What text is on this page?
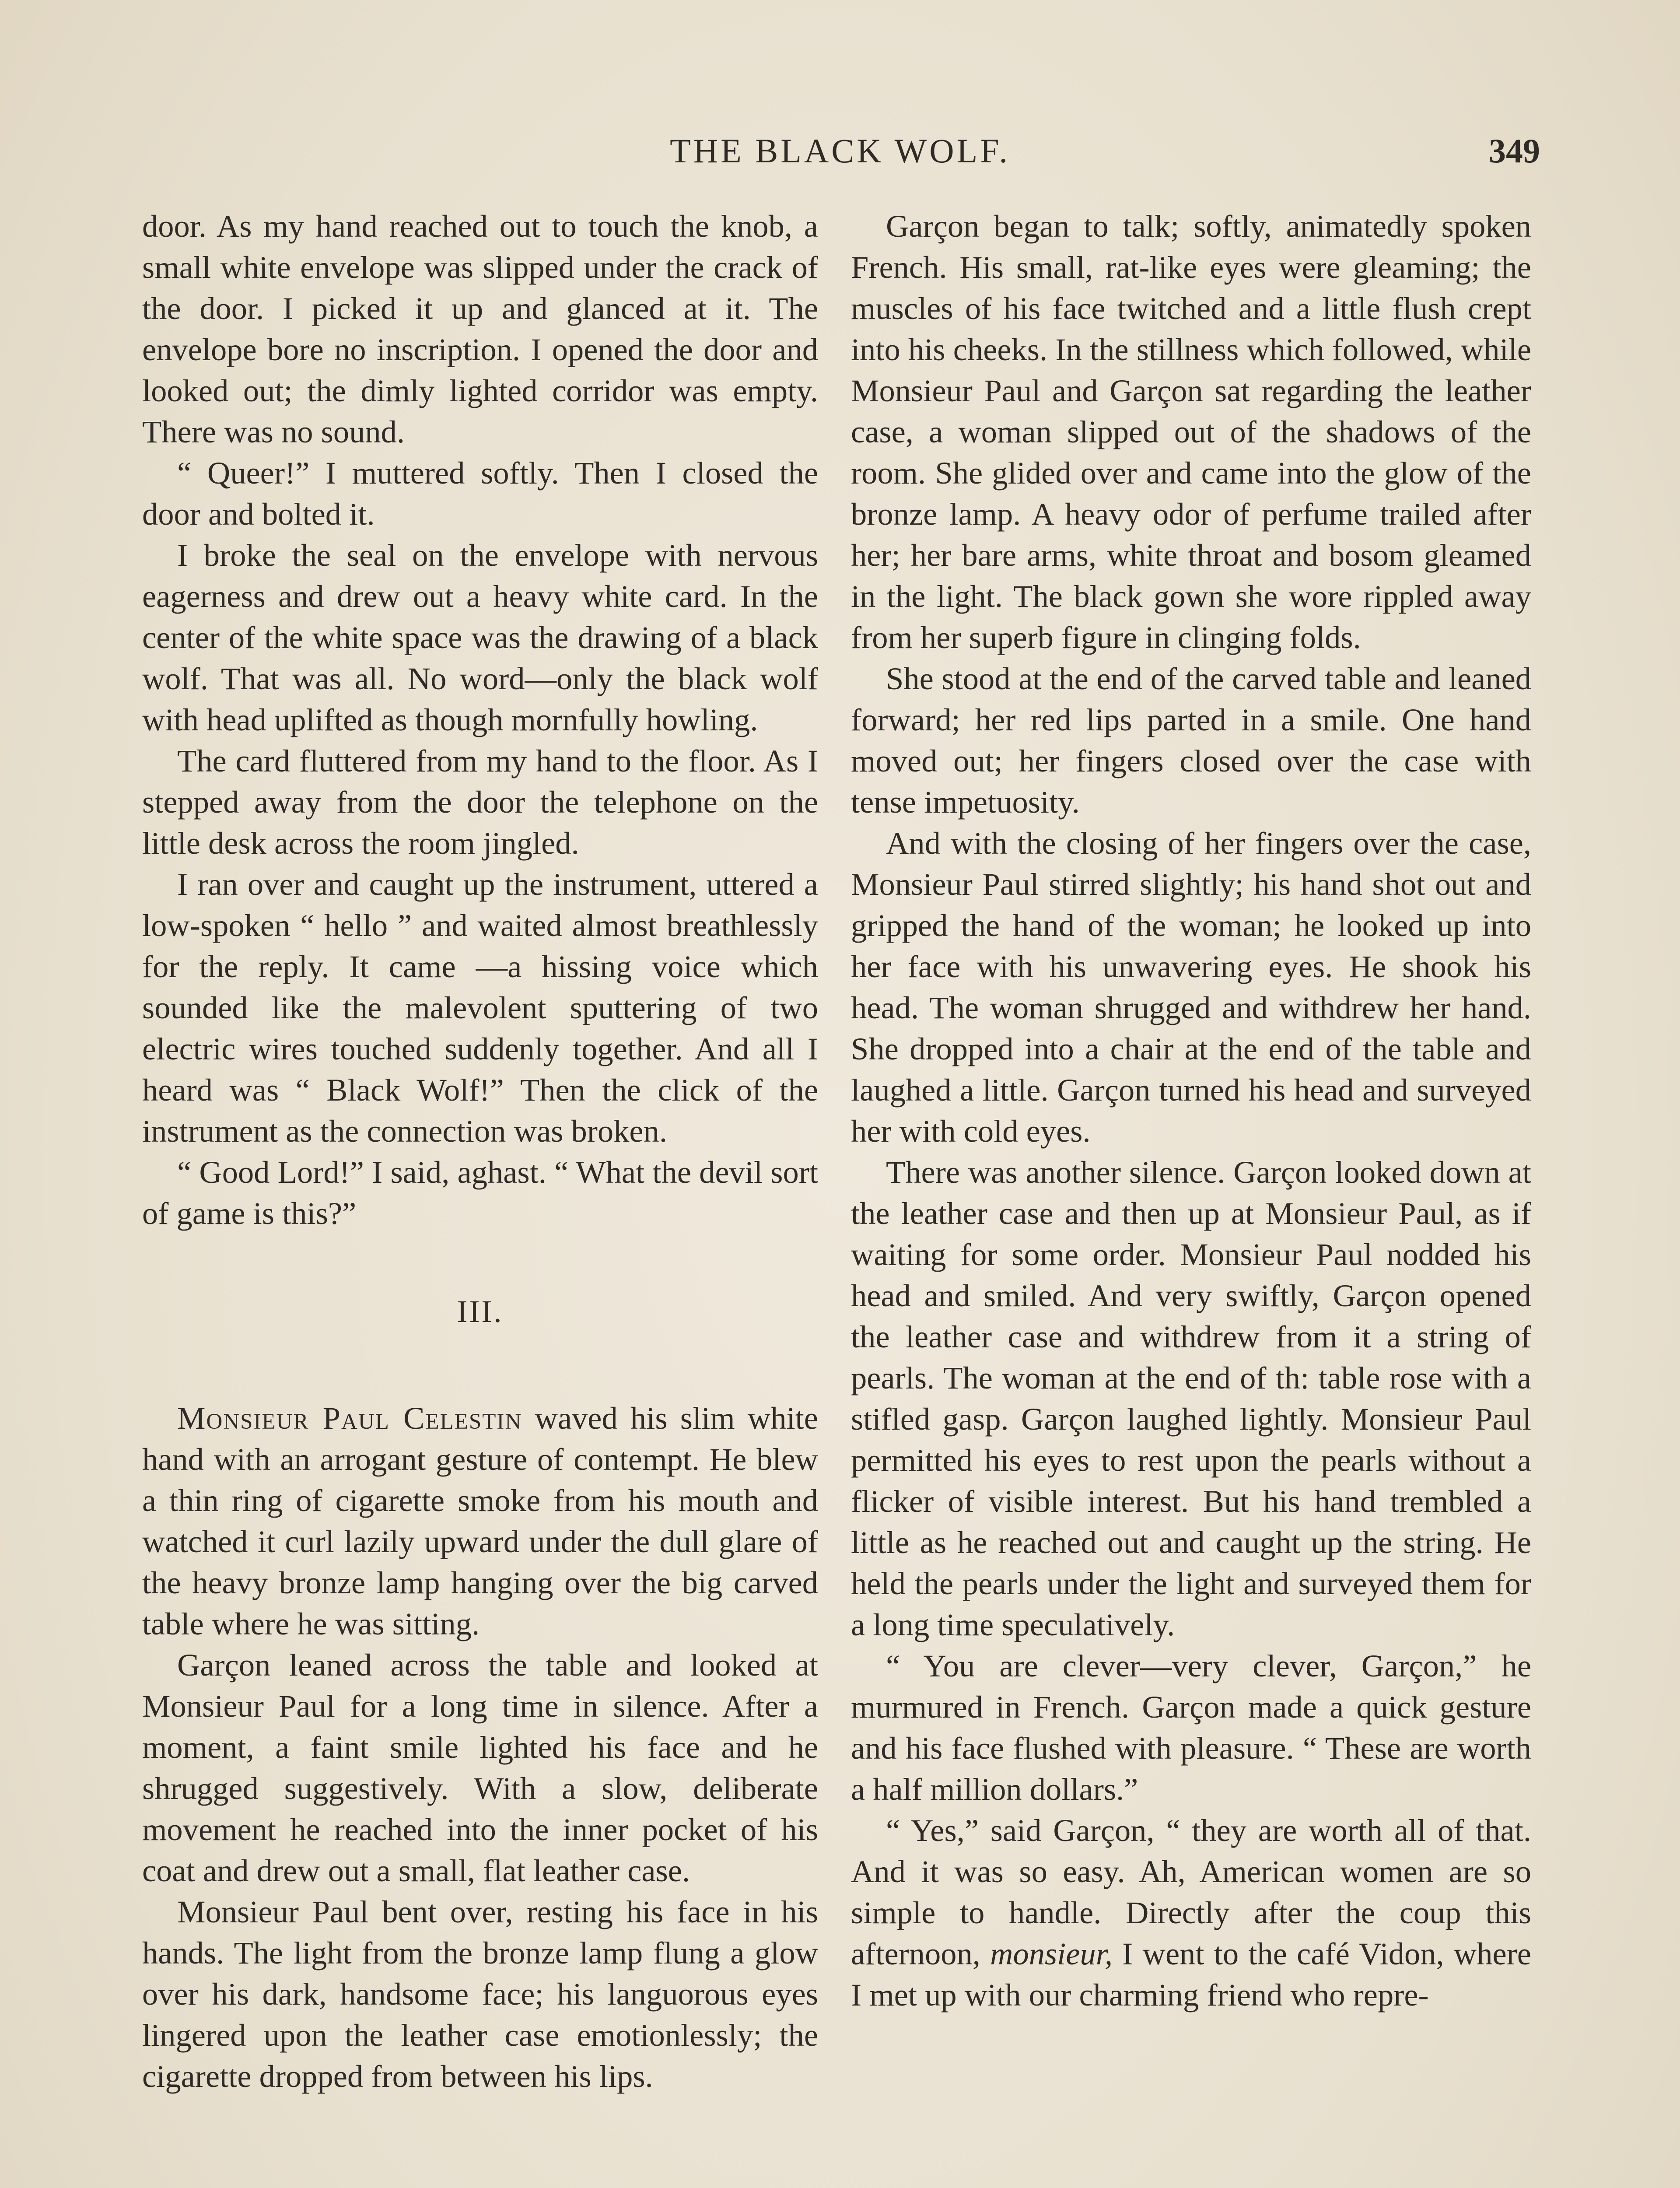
THE BLACK WOLF.	349

door. As my hand reached out to touch the knob, a small white envelope was slipped under the crack of the door. I picked it up and glanced at it. The envelope bore no inscription. I opened the door and looked out; the dimly lighted corridor was empty. There was no sound.

“ Queer!” I muttered softly. Then I closed the door and bolted it.

I broke the seal on the envelope with nervous eagerness and drew out a heavy white card. In the center of the white space was the drawing of a black wolf. That was all. No word—only the black wolf with head uplifted as though mornfully howling.

The card fluttered from my hand to the floor. As I stepped away from the door the telephone on the little desk across the room jingled.

I ran over and caught up the instrument, uttered a low-spoken “ hello ” and waited almost breathlessly for the reply. It came —a hissing voice which sounded like the malevolent sputtering of two electric wires touched suddenly together. And all I heard was “ Black Wolf!” Then the click of the instrument as the connection was broken.

“ Good Lord!” I said, aghast. “ What the devil sort of game is this?”

III.

Monsieur Paul Celestin waved his slim white hand with an arrogant gesture of contempt. He blew a thin ring of cigarette smoke from his mouth and watched it curl lazily upward under the dull glare of the heavy bronze lamp hanging over the big carved table where he was sitting.

Garçon leaned across the table and looked at Monsieur Paul for a long time in silence. After a moment, a faint smile lighted his face and he shrugged suggestively. With a slow, deliberate movement he reached into the inner pocket of his coat and drew out a small, flat leather case.

Monsieur Paul bent over, resting his face in his hands. The light from the bronze lamp flung a glow over his dark, handsome face; his languorous eyes lingered upon the leather case emotionlessly; the cigarette dropped from between his lips.

Garçon began to talk; softly, animatedly spoken French. His small, rat-like eyes were gleaming; the muscles of his face twitched and a little flush crept into his cheeks. In the stillness which followed, while Monsieur Paul and Garçon sat regarding the leather case, a woman slipped out of the shadows of the room. She glided over and came into the glow of the bronze lamp. A heavy odor of perfume trailed after her; her bare arms, white throat and bosom gleamed in the light. The black gown she wore rippled away from her superb figure in clinging folds.

She stood at the end of the carved table and leaned forward; her red lips parted in a smile. One hand moved out; her fingers closed over the case with tense impetuosity.

And with the closing of her fingers over the case, Monsieur Paul stirred slightly; his hand shot out and gripped the hand of the woman; he looked up into her face with his unwavering eyes. He shook his head. The woman shrugged and withdrew her hand. She dropped into a chair at the end of the table and laughed a little. Garçon turned his head and surveyed her with cold eyes.

There was another silence. Garçon looked down at the leather case and then up at Monsieur Paul, as if waiting for some order. Monsieur Paul nodded his head and smiled. And very swiftly, Garçon opened the leather case and withdrew from it a string of pearls. The woman at the end of th: table rose with a stifled gasp. Garçon laughed lightly. Monsieur Paul permitted his eyes to rest upon the pearls without a flicker of visible interest. But his hand trembled a little as he reached out and caught up the string. He held the pearls under the light and surveyed them for a long time speculatively.

“ You are clever—very clever, Garçon,” he murmured in French. Garçon made a quick gesture and his face flushed with pleasure. “ These are worth a half million dollars.”

“ Yes,” said Garçon, “ they are worth all of that. And it was so easy. Ah, American women are so simple to handle. Directly after the coup this afternoon, monsieur, I went to the café Vidon, where I met up with our charming friend who repre-
